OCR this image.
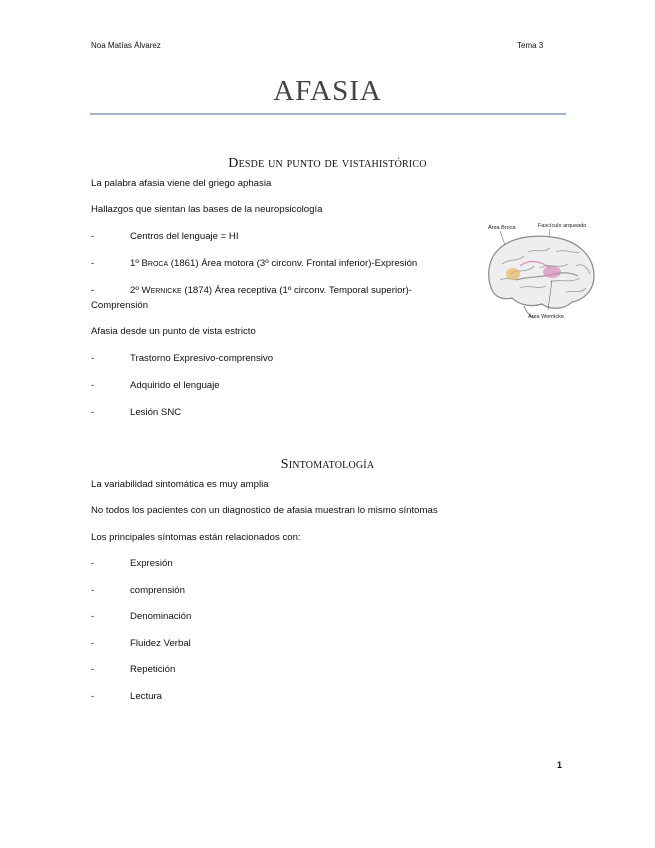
Noa Matías Álvarez	Tema 3
AFASIA
Desde un punto de vistahistórico
La palabra afasia viene del griego aphasia
Hallazgos que sientan las bases de la neuropsicología
-	Centros del lenguaje = HI
-	1º Broca (1861) Área motora (3º circonv. Frontal inferior)-Expresión
-	2º Wernicke (1874) Área receptiva (1º circonv. Temporal superior)-
Comprensión
Afasia desde un punto de vista estricto
-	Trastorno Expresivo-comprensivo
-	Adquirido el lenguaje
-	Lesión SNC
Área Broca	Fascículo arqueado
Área Wernicke
Sintomatología
La variabilidad sintomática es muy amplia
No todos los pacientes con un diagnostico de afasia muestran lo mismo síntomas
Los principales síntomas están relacionados con:
-	Expresión
-	comprensión
-	Denominación
-	Fluidez Verbal
-	Repetición
-	Lectura
1
